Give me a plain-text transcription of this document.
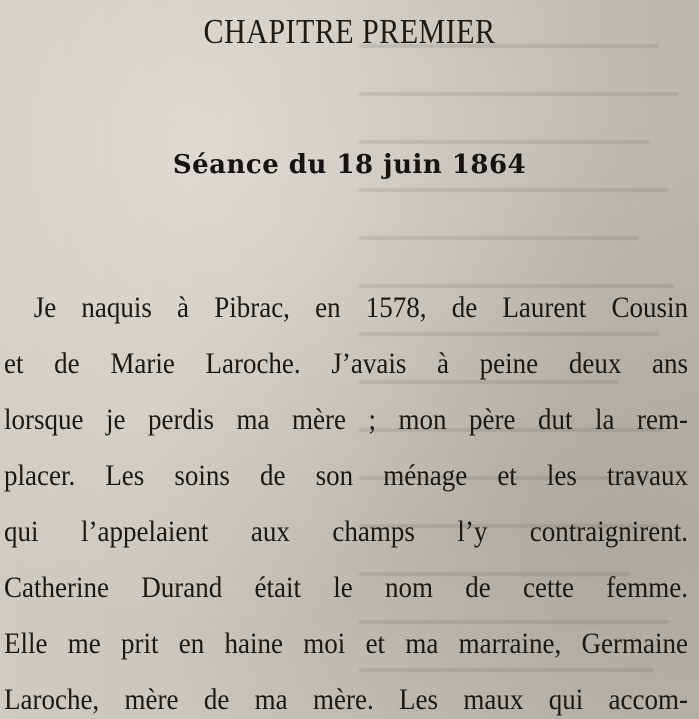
CHAPITRE PREMIER
Séance du 18 juin 1864
Je naquis à Pibrac, en 1578, de Laurent Cousin
et de Marie Laroche. J’avais à peine deux ans
lorsque je perdis ma mère ; mon père dut la rem-
placer. Les soins de son ménage et les travaux
qui l’appelaient aux champs l’y contraignirent.
Catherine Durand était le nom de cette femme.
Elle me prit en haine moi et ma marraine, Germaine
Laroche, mère de ma mère. Les maux qui accom-
